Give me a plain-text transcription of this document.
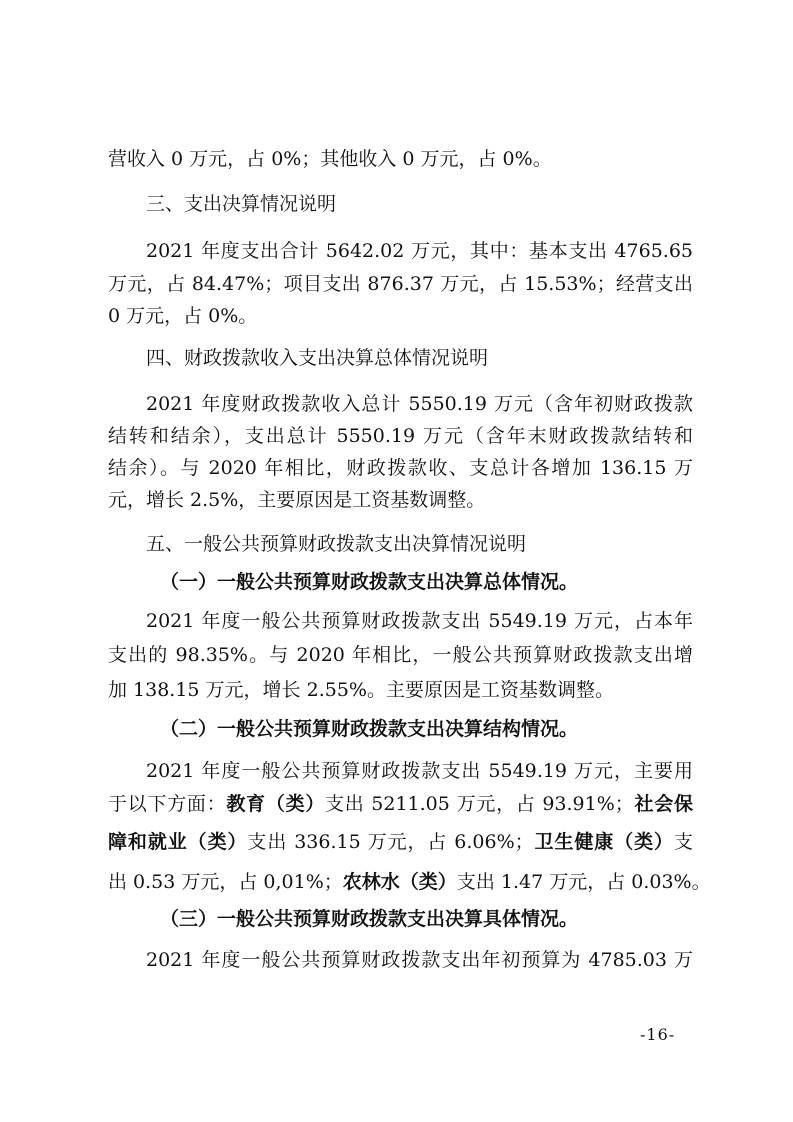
营收入 0 万元，占 0%；其他收入 0 万元，占 0%。
三、支出决算情况说明
2021 年度支出合计 5642.02 万元，其中：基本支出 4765.65
万元，占 84.47%；项目支出 876.37 万元，占 15.53%；经营支出
0 万元，占 0%。
四、财政拨款收入支出决算总体情况说明
2021 年度财政拨款收入总计 5550.19 万元（含年初财政拨款
结转和结余），支出总计 5550.19 万元（含年末财政拨款结转和
结余）。与 2020 年相比，财政拨款收、支总计各增加 136.15 万
元，增长 2.5%，主要原因是工资基数调整。
五、一般公共预算财政拨款支出决算情况说明
（一）一般公共预算财政拨款支出决算总体情况。
2021 年度一般公共预算财政拨款支出 5549.19 万元，占本年
支出的 98.35%。与 2020 年相比，一般公共预算财政拨款支出增
加 138.15 万元，增长 2.55%。主要原因是工资基数调整。
（二）一般公共预算财政拨款支出决算结构情况。
2021 年度一般公共预算财政拨款支出 5549.19 万元，主要用
于以下方面：教育（类）支出 5211.05 万元，占 93.91%；社会保
障和就业（类）支出 336.15 万元，占 6.06%；卫生健康（类）支
出 0.53 万元，占 0,01%；农林水（类）支出 1.47 万元，占 0.03%。
（三）一般公共预算财政拨款支出决算具体情况。
2021 年度一般公共预算财政拨款支出年初预算为 4785.03 万
-16-
